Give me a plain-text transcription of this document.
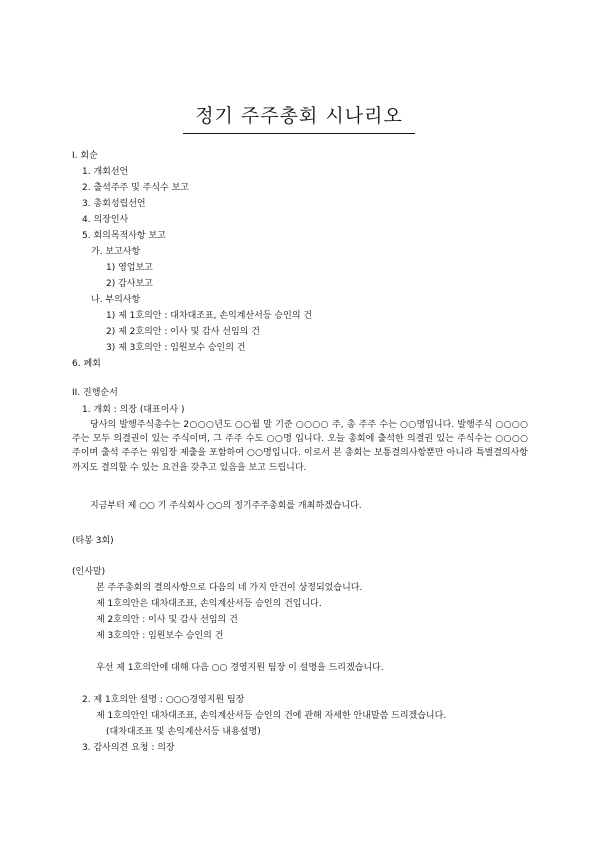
정기 주주총회 시나리오
I. 회순
1. 개회선언
2. 출석주주 및 주식수 보고
3. 총회성립선언
4. 의장인사
5. 회의목적사항 보고
가. 보고사항
1) 영업보고
2) 감사보고
나. 부의사항
1) 제 1호의안 : 대차대조표, 손익계산서등 승인의 건
2) 제 2호의안 : 이사 및 감사 선임의 건
3) 제 3호의안 : 임원보수 승인의 건
6. 폐회
II. 진행순서
1. 개회 : 의장 (대표이사 )
당사의 발행주식총수는 2○○○년도 ○○월 말 기준 ○○○○ 주, 총 주주 수는 ○○명입니다. 발행주식 ○○○○ 주는 모두 의결권이 있는 주식이며, 그 주주 수도 ○○명 입니다. 오늘 총회에 출석한 의결권 있는 주식수는 ○○○○ 주이며 출석 주주는 위임장 제출을 포함하여 ○○명입니다. 이로서 본 총회는 보통결의사항뿐만 아니라 특별결의사항까지도 결의할 수 있는 요건을 갖추고 있음을 보고 드립니다.
지금부터 제 ○○ 기 주식회사 ○○의 정기주주총회를 개최하겠습니다.
(타봉 3회)
(인사말)
본 주주총회의 결의사항으로 다음의 네 가지 안건이 상정되었습니다.
제 1호의안은 대차대조표, 손익계산서등 승인의 건입니다.
제 2호의안 : 이사 및 감사 선임의 건
제 3호의안 : 임원보수 승인의 건
우선 제 1호의안에 대해 다음 ○○ 경영지원 팀장 이 설명을 드리겠습니다.
2. 제 1호의안 설명 : ○○○경영지원 팀장
제 1호의안인 대차대조표, 손익계산서등 승인의 건에 관해 자세한 안내말씀 드리겠습니다.
(대차대조표 및 손익계산서등 내용설명)
3. 감사의견 요청 : 의장
